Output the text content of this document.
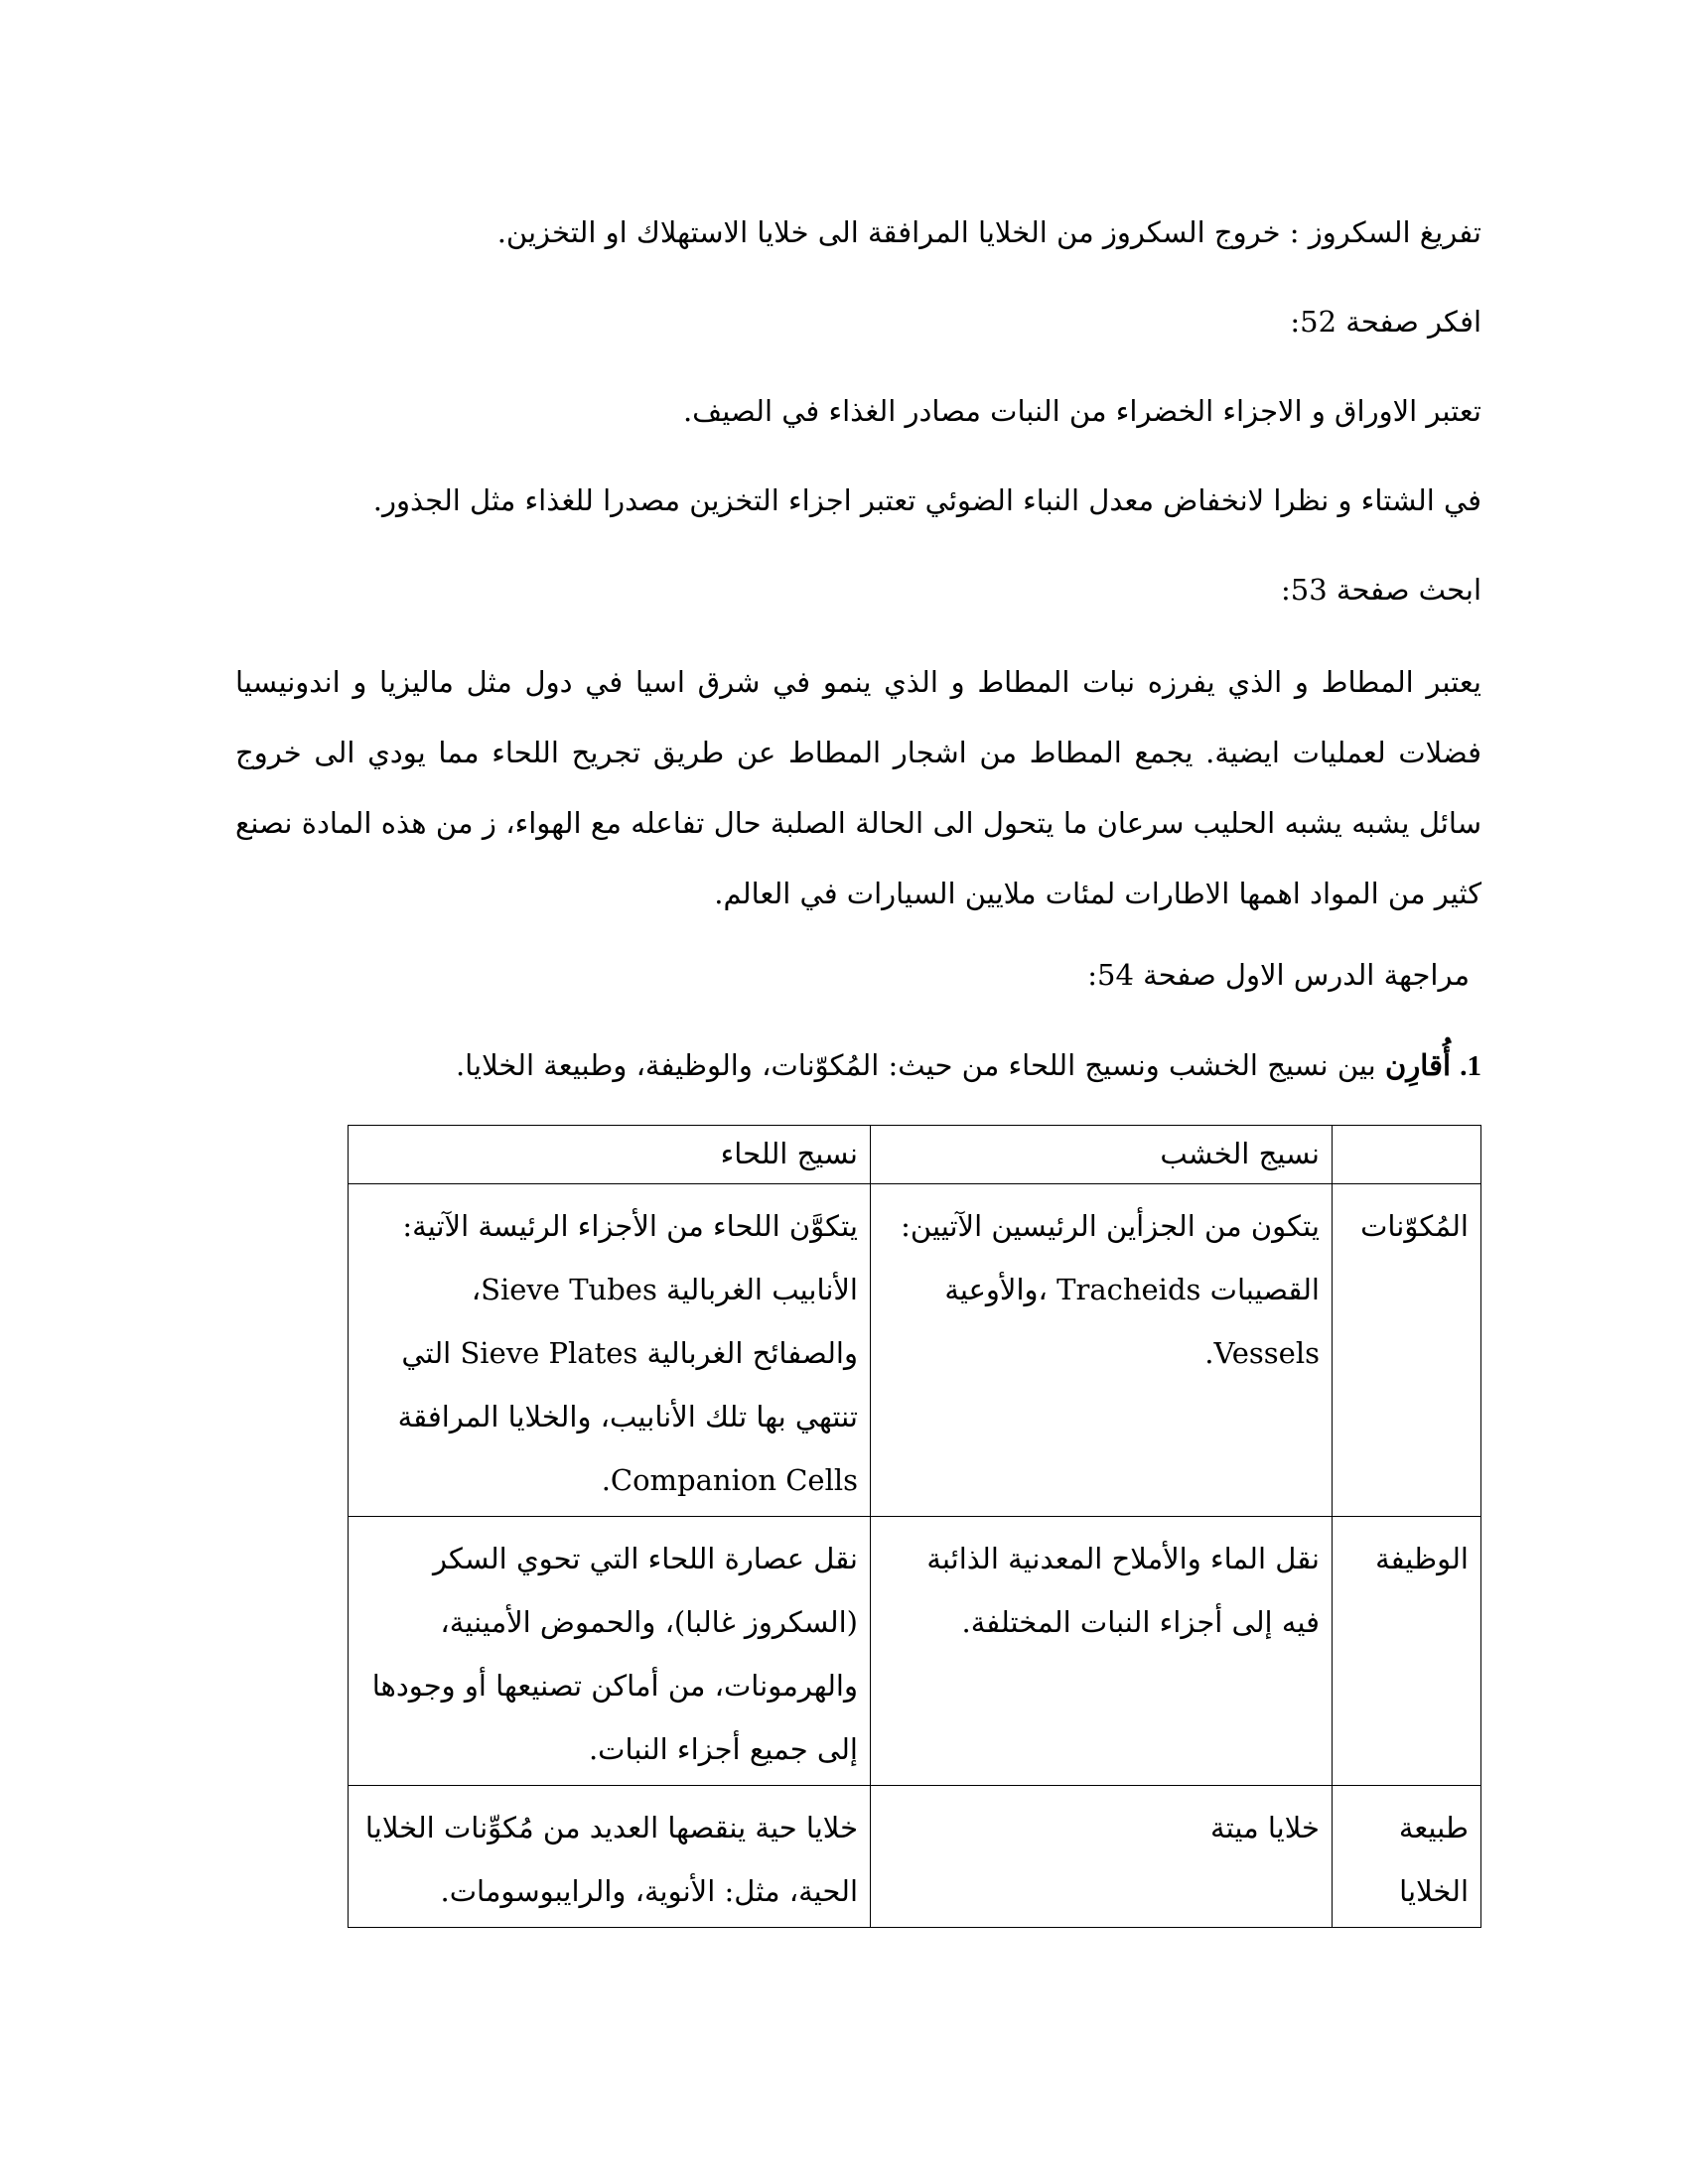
تفريغ السكروز : خروج السكروز من الخلايا المرافقة الى خلايا الاستهلاك او التخزين.
افكر صفحة 52:
تعتبر الاوراق و الاجزاء الخضراء من النبات مصادر الغذاء في الصيف.
في الشتاء و نظرا لانخفاض معدل النباء الضوئي تعتبر اجزاء التخزين مصدرا للغذاء مثل الجذور.
ابحث صفحة 53:
يعتبر المطاط و الذي يفرزه نبات المطاط و الذي ينمو في شرق اسيا في دول مثل ماليزيا و اندونيسيا فضلات لعمليات ايضية. يجمع المطاط من اشجار المطاط عن طريق تجريح اللحاء مما يودي الى خروج سائل يشبه يشبه الحليب سرعان ما يتحول الى الحالة الصلبة حال تفاعله مع الهواء، ز من هذه المادة نصنع كثير من المواد اهمها الاطارات لمئات ملايين السيارات في العالم.
مراجهة الدرس الاول صفحة 54:
1. أُقارِن بين نسيج الخشب ونسيج اللحاء من حيث: المُكوّنات، والوظيفة، وطبيعة الخلايا.
	نسيج الخشب	نسيج اللحاء
المُكوّنات	يتكون من الجزأين الرئيسين الآتيين: القصيبات Tracheids ،والأوعية Vessels.	يتكوَّن اللحاء من الأجزاء الرئيسة الآتية: الأنابيب الغربالية Sieve Tubes، والصفائح الغربالية Sieve Plates التي تنتهي بها تلك الأنابيب، والخلايا المرافقة Companion Cells.
الوظيفة	نقل الماء والأملاح المعدنية الذائبة فيه إلى أجزاء النبات المختلفة.	نقل عصارة اللحاء التي تحوي السكر (السكروز غالبا)، والحموض الأمينية، والهرمونات، من أماكن تصنيعها أو وجودها إلى جميع أجزاء النبات.
طبيعة الخلايا	خلايا ميتة	خلايا حية ينقصها العديد من مُكوِّنات الخلايا الحية، مثل: الأنوية، والرايبوسومات.
